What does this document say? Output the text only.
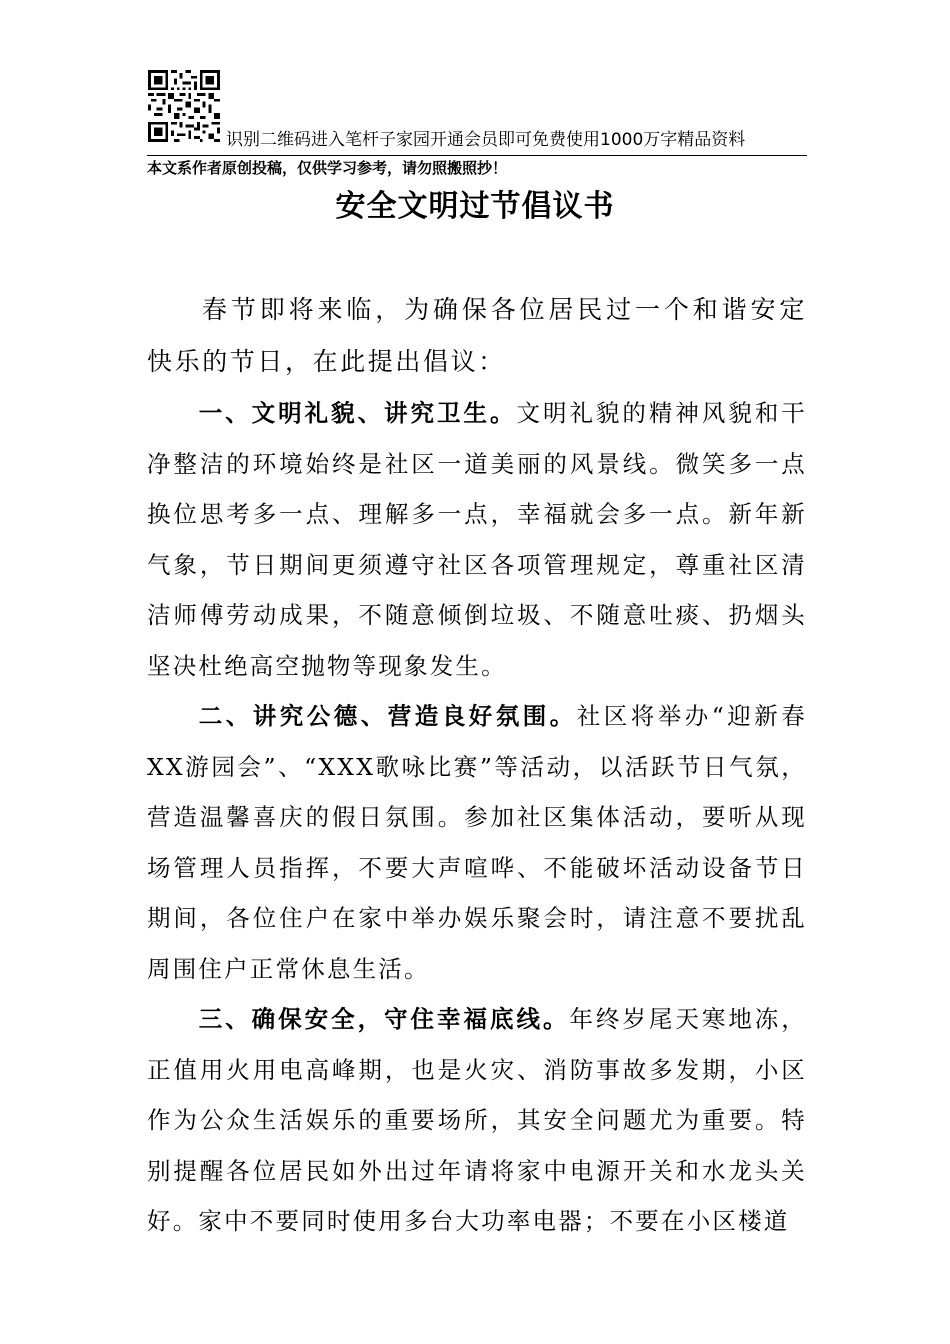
识别二维码进入笔杆子家园开通会员即可免费使用1000万字精品资料
本文系作者原创投稿，仅供学习参考，请勿照搬照抄！
安全文明过节倡议书

春节即将来临，为确保各位居民过一个和谐安定快乐的节日，在此提出倡议：

一、文明礼貌、讲究卫生。文明礼貌的精神风貌和干净整洁的环境始终是社区一道美丽的风景线。微笑多一点换位思考多一点、理解多一点，幸福就会多一点。新年新气象，节日期间更须遵守社区各项管理规定，尊重社区清洁师傅劳动成果，不随意倾倒垃圾、不随意吐痰、扔烟头坚决杜绝高空抛物等现象发生。

二、讲究公德、营造良好氛围。社区将举办“迎新春XX游园会”、“XXX歌咏比赛”等活动，以活跃节日气氛，营造温馨喜庆的假日氛围。参加社区集体活动，要听从现场管理人员指挥，不要大声喧哗、不能破坏活动设备节日期间，各位住户在家中举办娱乐聚会时，请注意不要扰乱周围住户正常休息生活。

三、确保安全，守住幸福底线。年终岁尾天寒地冻，正值用火用电高峰期，也是火灾、消防事故多发期，小区作为公众生活娱乐的重要场所，其安全问题尤为重要。特别提醒各位居民如外出过年请将家中电源开关和水龙头关好。家中不要同时使用多台大功率电器；不要在小区楼道
